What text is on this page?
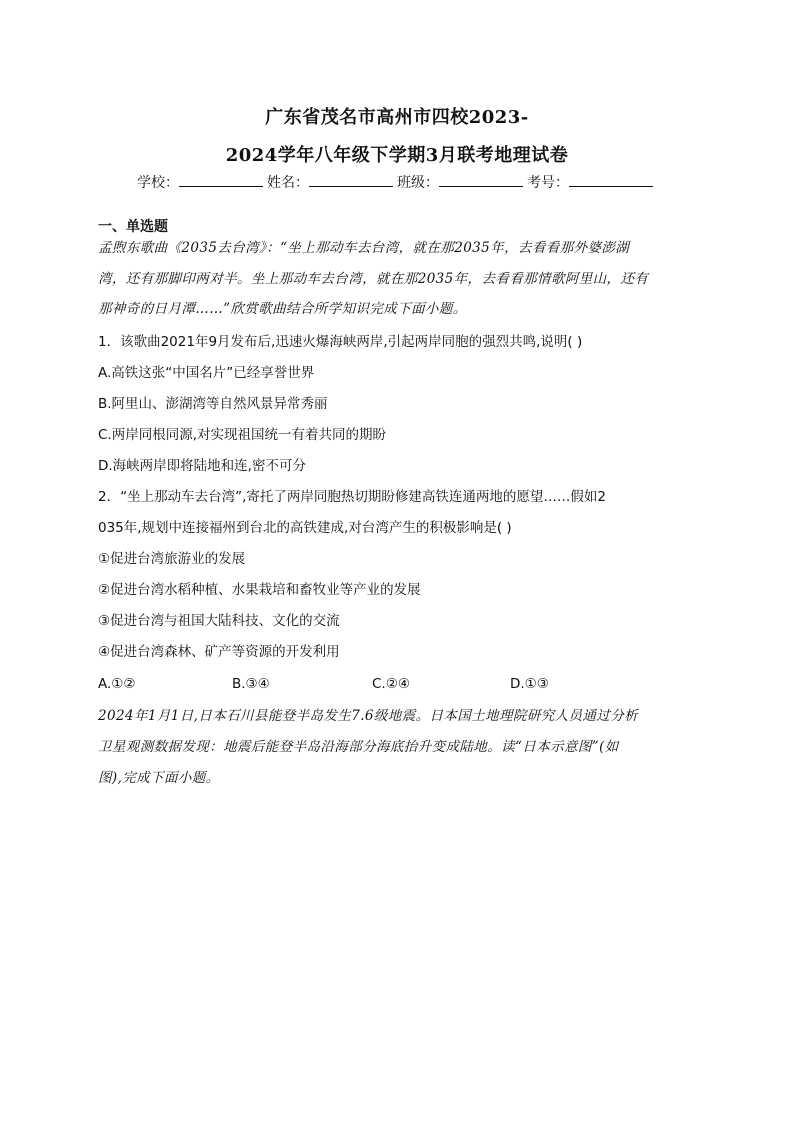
广东省茂名市高州市四校2023-
2024学年八年级下学期3月联考地理试卷
学校：	姓名：	班级：	考号：
一、单选题
孟煦东歌曲《2035去台湾》：“坐上那动车去台湾，就在那2035年，去看看那外婆澎湖
湾，还有那脚印两对半。坐上那动车去台湾，就在那2035年，去看看那情歌阿里山，还有
那神奇的日月潭……”欣赏歌曲结合所学知识完成下面小题。
1．该歌曲2021年9月发布后,迅速火爆海峡两岸,引起两岸同胞的强烈共鸣,说明( )
A.高铁这张“中国名片”已经享誉世界
B.阿里山、澎湖湾等自然风景异常秀丽
C.两岸同根同源,对实现祖国统一有着共同的期盼
D.海峡两岸即将陆地和连,密不可分
2．“坐上那动车去台湾”,寄托了两岸同胞热切期盼修建高铁连通两地的愿望……假如2
035年,规划中连接福州到台北的高铁建成,对台湾产生的积极影响是( )
①促进台湾旅游业的发展
②促进台湾水稻种植、水果栽培和畜牧业等产业的发展
③促进台湾与祖国大陆科技、文化的交流
④促进台湾森林、矿产等资源的开发利用
A.①②	B.③④	C.②④	D.①③
2024年1月1日,日本石川县能登半岛发生7.6级地震。日本国土地理院研究人员通过分析
卫星观测数据发现：地震后能登半岛沿海部分海底抬升变成陆地。读“日本示意图”(如
图),完成下面小题。
